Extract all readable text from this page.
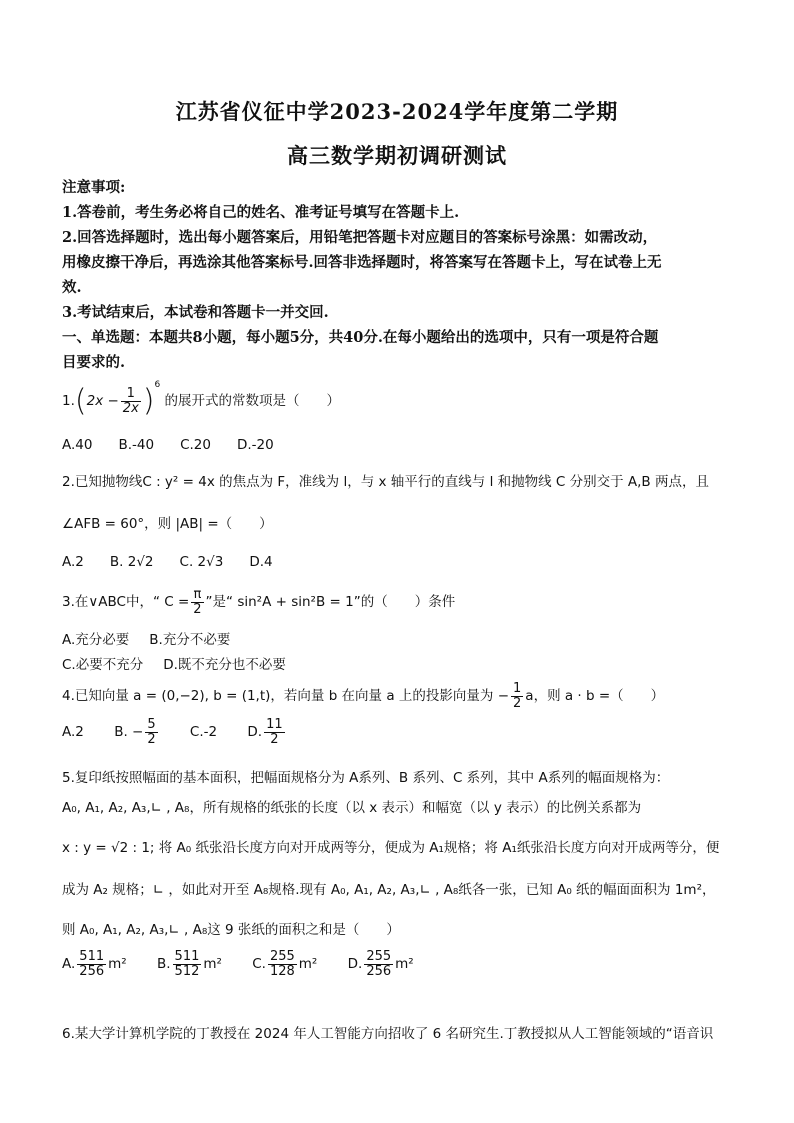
江苏省仪征中学2023-2024学年度第二学期
高三数学期初调研测试
注意事项:
1.答卷前，考生务必将自己的姓名、准考证号填写在答题卡上.
2.回答选择题时，选出每小题答案后，用铅笔把答题卡对应题目的答案标号涂黑：如需改动，
用橡皮擦干净后，再选涂其他答案标号.回答非选择题时，将答案写在答题卡上，写在试卷上无
效.
3.考试结束后，本试卷和答题卡一并交回.
一、单选题：本题共8小题，每小题5分，共40分.在每小题给出的选项中，只有一项是符合题
目要求的.
$1.(2x - \frac{1}{2x} )^6$ 的展开式的常数项是（　　）
A.40 B.-40 C.20 D.-20
2.已知抛物线C : y² = 4x 的焦点为 F，准线为 l，与 x 轴平行的直线与 l 和抛物线 C 分别交于 A,B 两点，且
∠AFB = 60°，则 |AB| =（　　）
A.2 B. 2√2 C. 2√3 D.4
3.在∨ABC中，“ $C = \frac{\pi}{2}$ ”是“ sin²A + sin²B = 1”的（　　）条件
A.充分必要 B.充分不必要
C.必要不充分 D.既不充分也不必要
4.已知向量 a = (0,−2), b = (1,t)，若向量 b 在向量 a 上的投影向量为 − $\frac{1}{2}$ a，则 a · b =（　　）
A.2 B. − $\frac{5}{2} C.-2$ D. $\frac{11}{2}$
5.复印纸按照幅面的基本面积，把幅面规格分为 A系列、B 系列、C 系列，其中 A系列的幅面规格为：
A₀, A₁, A₂, A₃,∟ , A₈，所有规格的纸张的长度（以 x 表示）和幅宽（以 y 表示）的比例关系都为
x : y = √2 : 1; 将 A₀ 纸张沿长度方向对开成两等分，便成为 A₁规格；将 A₁纸张沿长度方向对开成两等分，便
成为 A₂ 规格；∟ ，如此对开至 A₈规格.现有 A₀, A₁, A₂, A₃,∟ , A₈纸各一张，已知 A₀ 纸的幅面面积为 1m²，
则 A₀, A₁, A₂, A₃,∟ , A₈这 9 张纸的面积之和是（　　）
A. $\frac{511}{256} m^2$ B. $\frac{511}{512} m^2$ C. $\frac{255}{128} m^2$ D. $\frac{255}{256} m^2$
6.某大学计算机学院的丁教授在 2024 年人工智能方向招收了 6 名研究生.丁教授拟从人工智能领域的“语音识
